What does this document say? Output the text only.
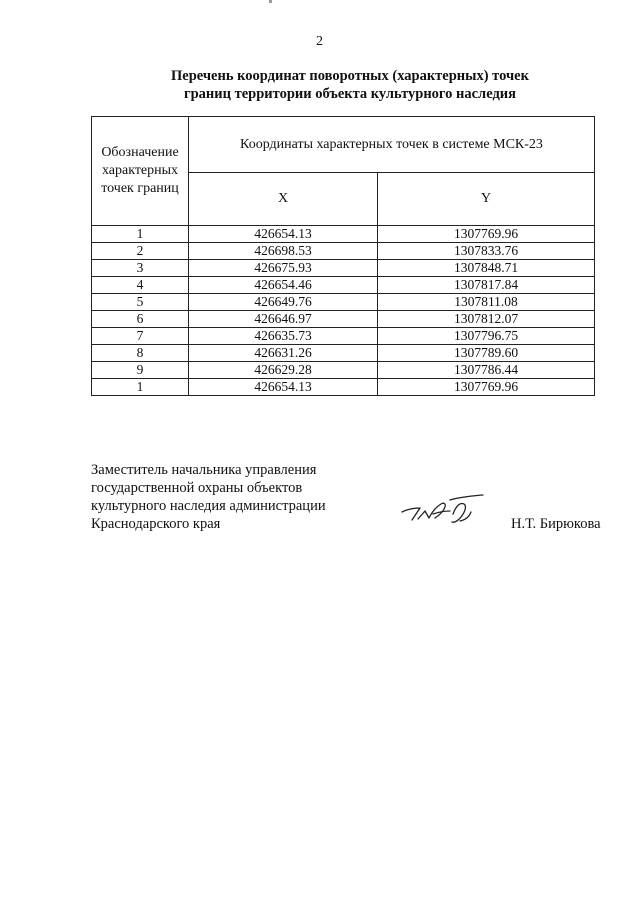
2
Перечень координат поворотных (характерных) точек
границ территории объекта культурного наследия
Обозначение характерных точек границ	Координаты характерных точек в системе МСК-23	
	X	Y
1	426654.13	1307769.96
2	426698.53	1307833.76
3	426675.93	1307848.71
4	426654.46	1307817.84
5	426649.76	1307811.08
6	426646.97	1307812.07
7	426635.73	1307796.75
8	426631.26	1307789.60
9	426629.28	1307786.44
1	426654.13	1307769.96
Заместитель начальника управления
государственной охраны объектов
культурного наследия администрации
Краснодарского края	Н.Т. Бирюкова
